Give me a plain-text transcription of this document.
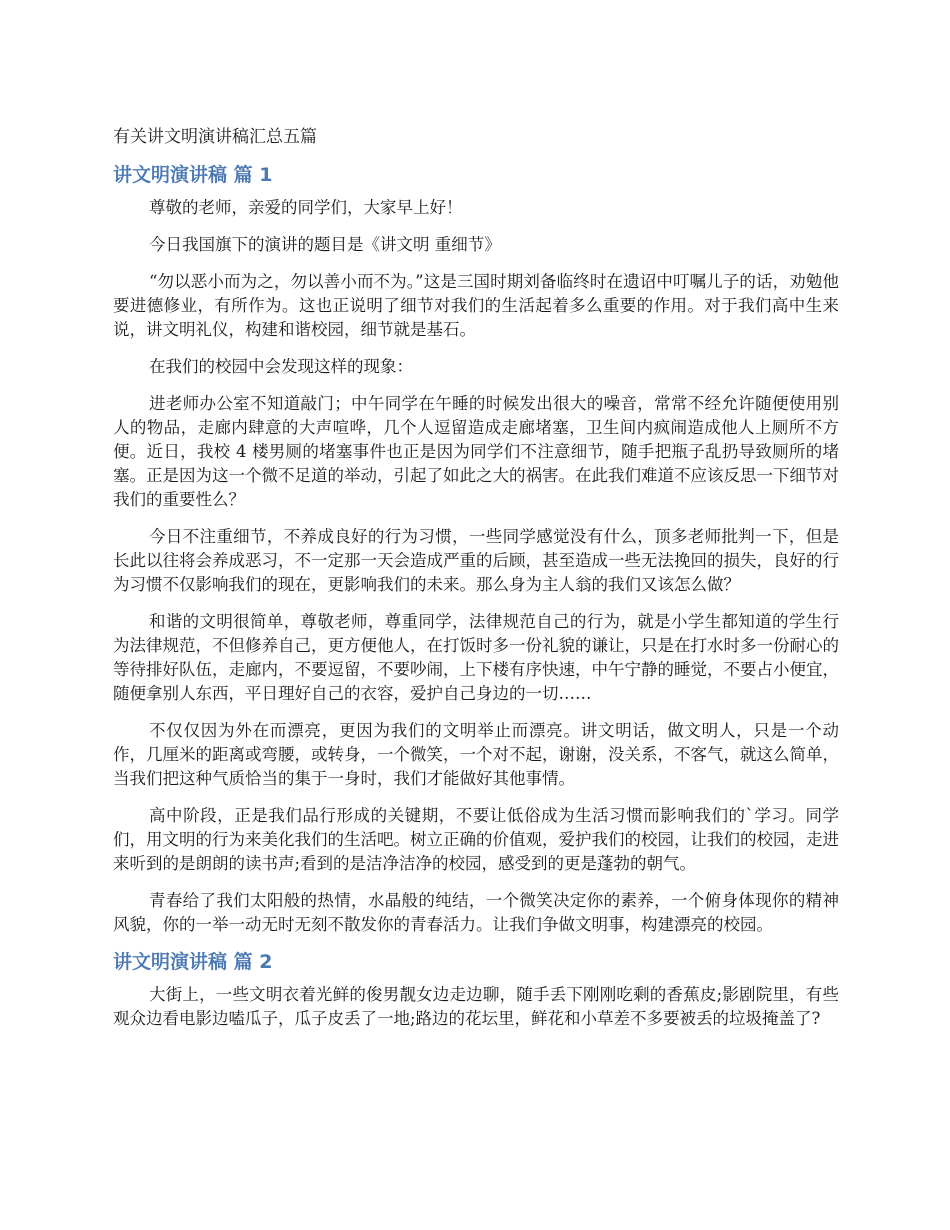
有关讲文明演讲稿汇总五篇
讲文明演讲稿 篇 1

尊敬的老师，亲爱的同学们，大家早上好！

今日我国旗下的演讲的题目是《讲文明 重细节》

“勿以恶小而为之，勿以善小而不为。”这是三国时期刘备临终时在遗诏中叮嘱儿子的话，劝勉他要进德修业，有所作为。这也正说明了细节对我们的生活起着多么重要的作用。对于我们高中生来说，讲文明礼仪，构建和谐校园，细节就是基石。

在我们的校园中会发现这样的现象：

进老师办公室不知道敲门；中午同学在午睡的时候发出很大的噪音，常常不经允许随便使用别人的物品，走廊内肆意的大声喧哗，几个人逗留造成走廊堵塞，卫生间内疯闹造成他人上厕所不方便。近日，我校 4 楼男厕的堵塞事件也正是因为同学们不注意细节，随手把瓶子乱扔导致厕所的堵塞。正是因为这一个微不足道的举动，引起了如此之大的祸害。在此我们难道不应该反思一下细节对我们的重要性么？

今日不注重细节，不养成良好的行为习惯，一些同学感觉没有什么，顶多老师批判一下，但是长此以往将会养成恶习，不一定那一天会造成严重的后顾，甚至造成一些无法挽回的损失，良好的行为习惯不仅影响我们的现在，更影响我们的未来。那么身为主人翁的我们又该怎么做？

和谐的文明很简单，尊敬老师，尊重同学，法律规范自己的行为，就是小学生都知道的学生行为法律规范，不但修养自己，更方便他人，在打饭时多一份礼貌的谦让，只是在打水时多一份耐心的等待排好队伍，走廊内，不要逗留，不要吵闹，上下楼有序快速，中午宁静的睡觉，不要占小便宜，随便拿别人东西，平日理好自己的衣容，爱护自己身边的一切……

不仅仅因为外在而漂亮，更因为我们的文明举止而漂亮。讲文明话，做文明人，只是一个动作，几厘米的距离或弯腰，或转身，一个微笑，一个对不起，谢谢，没关系，不客气，就这么简单，当我们把这种气质恰当的集于一身时，我们才能做好其他事情。

高中阶段，正是我们品行形成的关键期，不要让低俗成为生活习惯而影响我们的`学习。同学们，用文明的行为来美化我们的生活吧。树立正确的价值观，爱护我们的校园，让我们的校园，走进来听到的是朗朗的读书声;看到的是洁净洁净的校园，感受到的更是蓬勃的朝气。

青春给了我们太阳般的热情，水晶般的纯结，一个微笑决定你的素养，一个俯身体现你的精神风貌，你的一举一动无时无刻不散发你的青春活力。让我们争做文明事，构建漂亮的校园。

讲文明演讲稿 篇 2

大街上，一些文明衣着光鲜的俊男靓女边走边聊，随手丢下刚刚吃剩的香蕉皮;影剧院里，有些观众边看电影边嗑瓜子，瓜子皮丢了一地;路边的花坛里，鲜花和小草差不多要被丢的垃圾掩盖了?
